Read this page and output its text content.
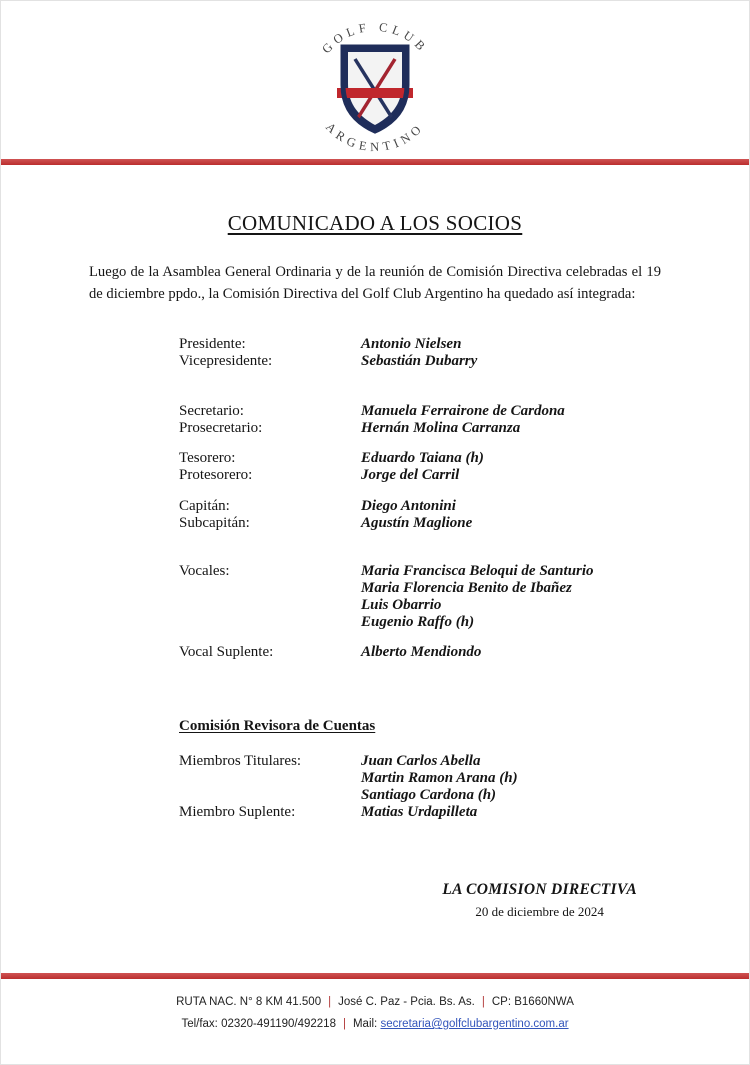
GOLF CLUB
ARGENTINO
COMUNICADO A LOS SOCIOS

Luego de la Asamblea General Ordinaria y de la reunión de Comisión Directiva celebradas el 19 de diciembre ppdo., la Comisión Directiva del Golf Club Argentino ha quedado así integrada:

Presidente:	Antonio Nielsen
Vicepresidente:	Sebastián Dubarry
Secretario:	Manuela Ferrairone de Cardona
Prosecretario:	Hernán Molina Carranza
Tesorero:	Eduardo Taiana (h)
Protesorero:	Jorge del Carril
Capitán:	Diego Antonini
Subcapitán:	Agustín Maglione
Vocales:	Maria Francisca Beloqui de Santurio
Maria Florencia Benito de Ibañez
Luis Obarrio
Eugenio Raffo (h)
Vocal Suplente:	Alberto Mendiondo
Comisión Revisora de Cuentas
Miembros Titulares:	Juan Carlos Abella
Martin Ramon Arana (h)
Santiago Cardona (h)
Miembro Suplente:	Matias Urdapilleta
LA COMISION DIRECTIVA
20 de diciembre de 2024
RUTA NAC. N° 8 KM 41.500 | José C. Paz - Pcia. Bs. As. | CP: B1660NWA
Tel/fax: 02320-491190/492218 | Mail: secretaria@golfclubargentino.com.ar
